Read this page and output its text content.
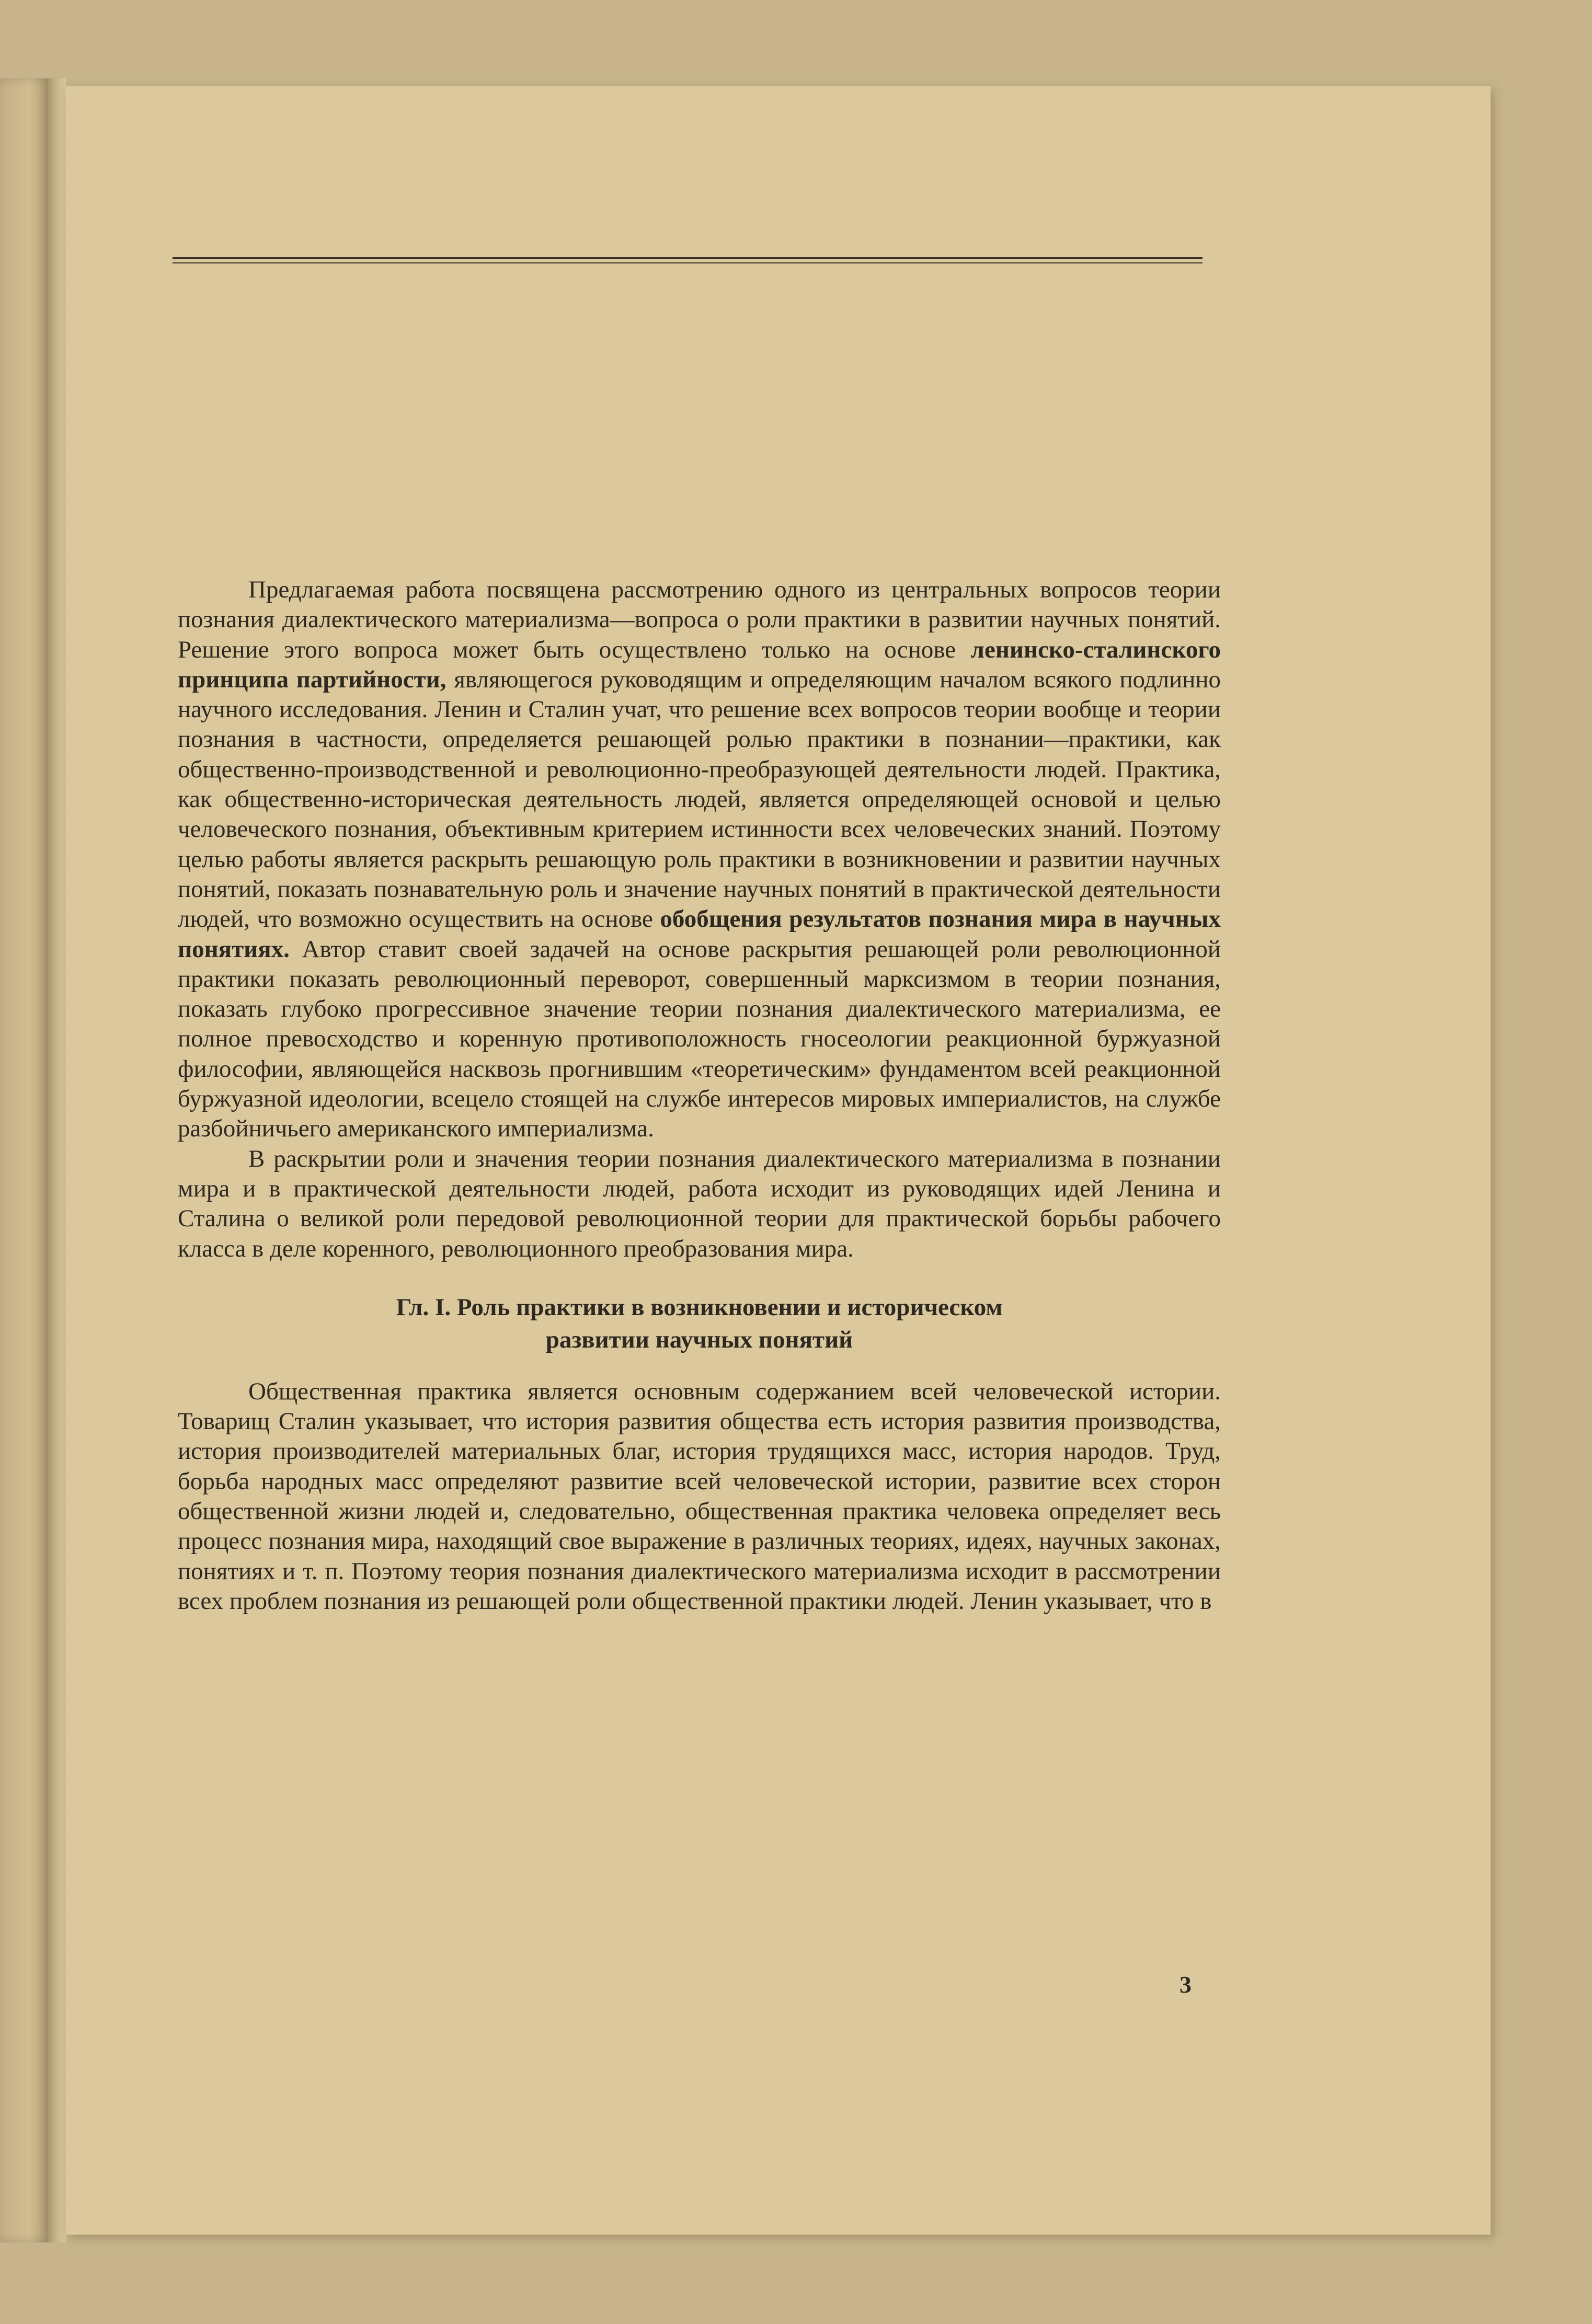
Предлагаемая работа посвящена рассмотрению одного из центральных вопросов теории познания диалектического материализма—вопроса о роли практики в развитии научных понятий. Решение этого вопроса может быть осуществлено только на основе ленинско-сталинского принципа партийности, являющегося руководящим и определяющим началом всякого подлинно научного исследования. Ленин и Сталин учат, что решение всех вопросов теории вообще и теории познания в частности, определяется решающей ролью практики в познании—практики, как общественно-производственной и революционно-преобразующей деятельности людей. Практика, как общественно-историческая деятельность людей, является определяющей основой и целью человеческого познания, объективным критерием истинности всех человеческих знаний. Поэтому целью работы является раскрыть решающую роль практики в возникновении и развитии научных понятий, показать познавательную роль и значение научных понятий в практической деятельности людей, что возможно осуществить на основе обобщения результатов познания мира в научных понятиях. Автор ставит своей задачей на основе раскрытия решающей роли революционной практики показать революционный переворот, совершенный марксизмом в теории познания, показать глубоко прогрессивное значение теории познания диалектического материализма, ее полное превосходство и коренную противоположность гносеологии реакционной буржуазной философии, являющейся насквозь прогнившим «теоретическим» фундаментом всей реакционной буржуазной идеологии, всецело стоящей на службе интересов мировых империалистов, на службе разбойничьего американского империализма.

В раскрытии роли и значения теории познания диалектического материализма в познании мира и в практической деятельности людей, работа исходит из руководящих идей Ленина и Сталина о великой роли передовой революционной теории для практической борьбы рабочего класса в деле коренного, революционного преобразования мира.

Гл. I. Роль практики в возникновении и историческом
развитии научных понятий

Общественная практика является основным содержанием всей человеческой истории. Товарищ Сталин указывает, что история развития общества есть история развития производства, история производителей материальных благ, история трудящихся масс, история народов. Труд, борьба народных масс определяют развитие всей человеческой истории, развитие всех сторон общественной жизни людей и, следовательно, общественная практика человека определяет весь процесс познания мира, находящий свое выражение в различных теориях, идеях, научных законах, понятиях и т. п. Поэтому теория познания диалектического материализма исходит в рассмотрении всех проблем познания из решающей роли общественной практики людей. Ленин указывает, что в

3
